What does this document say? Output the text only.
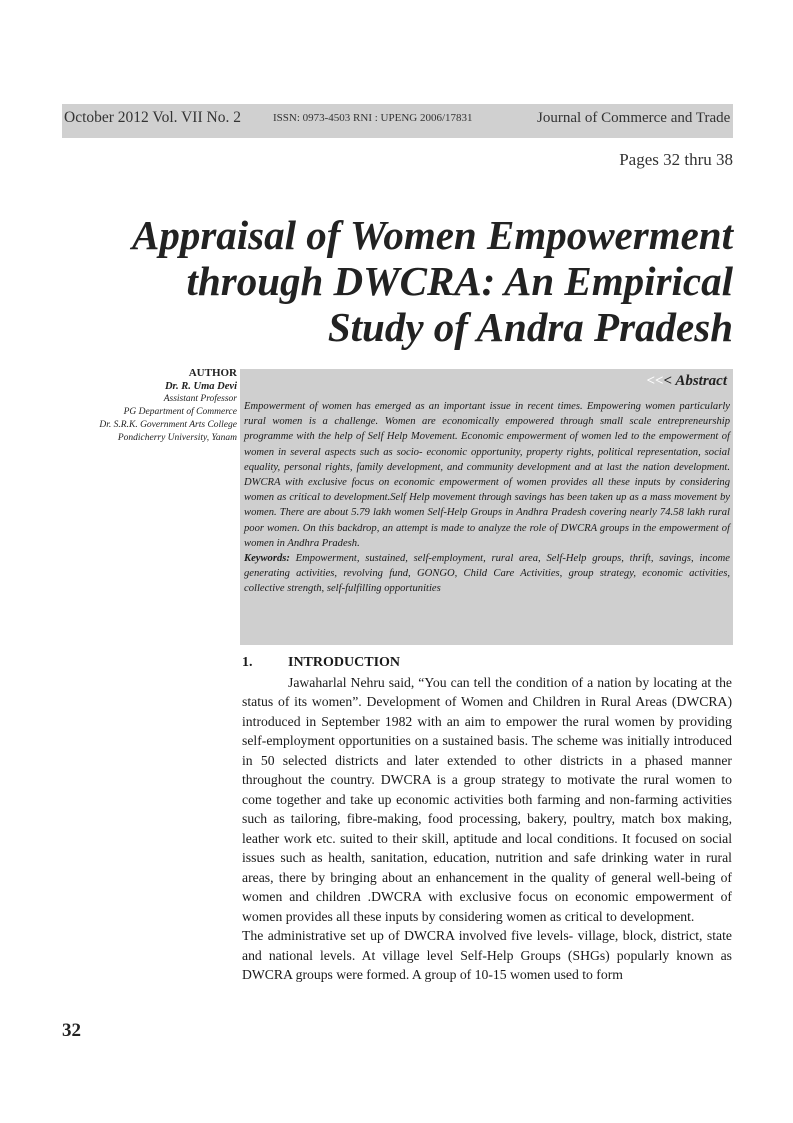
October 2012 Vol. VII No. 2	ISSN: 0973-4503 RNI : UPENG 2006/17831	Journal of Commerce and Trade
Pages 32 thru 38
Appraisal of Women Empowerment
through DWCRA: An Empirical
Study of Andra Pradesh
AUTHOR
Dr. R. Uma Devi
Assistant Professor
PG Department of Commerce
Dr. S.R.K. Government Arts College
Pondicherry University, Yanam
<<< Abstract

Empowerment of women has emerged as an important issue in recent times. Empowering women particularly rural women is a challenge. Women are economically empowered through small scale entrepreneurship programme with the help of Self Help Movement. Economic empowerment of women led to the empowerment of women in several aspects such as socio- economic opportunity, property rights, political representation, social equality, personal rights, family development, and community development and at last the nation development. DWCRA with exclusive focus on economic empowerment of women provides all these inputs by considering women as critical to development.Self Help movement through savings has been taken up as a mass movement by women. There are about 5.79 lakh women Self-Help Groups in Andhra Pradesh covering nearly 74.58 lakh rural poor women. On this backdrop, an attempt is made to analyze the role of DWCRA groups in the empowerment of women in Andhra Pradesh.

Keywords: Empowerment, sustained, self-employment, rural area, Self-Help groups, thrift, savings, income generating activities, revolving fund, GONGO, Child Care Activities, group strategy, economic activities, collective strength, self-fulfilling opportunities

1.	INTRODUCTION

Jawaharlal Nehru said, “You can tell the condition of a nation by locating at the status of its women”. Development of Women and Children in Rural Areas (DWCRA) introduced in September 1982 with an aim to empower the rural women by providing self-employment opportunities on a sustained basis. The scheme was initially introduced in 50 selected districts and later extended to other districts in a phased manner throughout the country. DWCRA is a group strategy to motivate the rural women to come together and take up economic activities both farming and non-farming activities such as tailoring, fibre-making, food processing, bakery, poultry, match box making, leather work etc. suited to their skill, aptitude and local conditions. It focused on social issues such as health, sanitation, education, nutrition and safe drinking water in rural areas, there by bringing about an enhancement in the quality of general well-being of women and children .DWCRA with exclusive focus on economic empowerment of women provides all these inputs by considering women as critical to development.

The administrative set up of DWCRA involved five levels- village, block, district, state and national levels. At village level Self-Help Groups (SHGs) popularly known as DWCRA groups were formed. A group of 10-15 women used to form

32
